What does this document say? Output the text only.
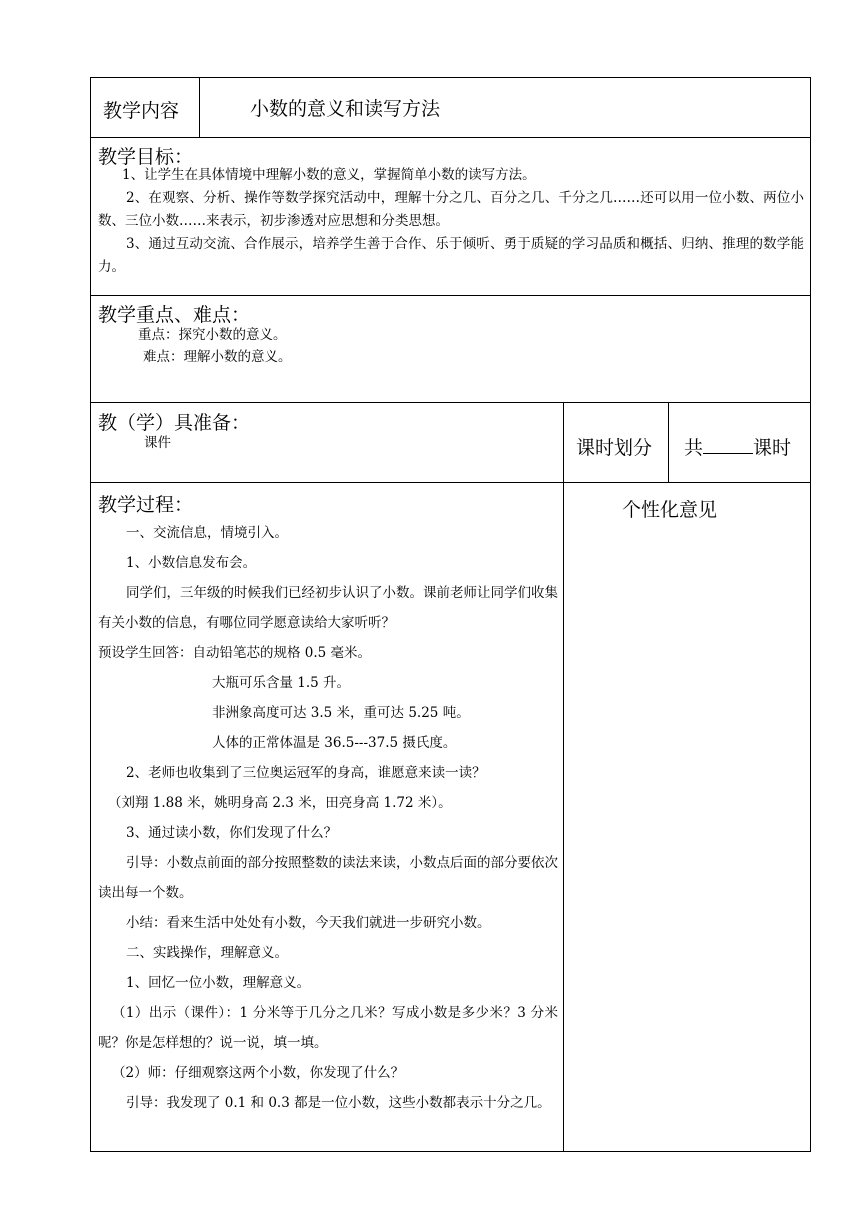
教学内容	小数的意义和读写方法
教学目标：
1、让学生在具体情境中理解小数的意义，掌握简单小数的读写方法。
2、在观察、分析、操作等数学探究活动中，理解十分之几、百分之几、千分之几……还可以用一位小数、两位小数、三位小数……来表示，初步渗透对应思想和分类思想。
3、通过互动交流、合作展示，培养学生善于合作、乐于倾听、勇于质疑的学习品质和概括、归纳、推理的数学能力。
教学重点、难点：
重点：探究小数的意义。
难点：理解小数的意义。
教（学）具准备：
课件	课时划分 共	课时
教学过程：	个性化意见

一、交流信息，情境引入。

1、小数信息发布会。

同学们，三年级的时候我们已经初步认识了小数。课前老师让同学们收集有关小数的信息，有哪位同学愿意读给大家听听？

预设学生回答：自动铅笔芯的规格 0.5 毫米。

大瓶可乐含量 1.5 升。

非洲象高度可达 3.5 米，重可达 5.25 吨。

人体的正常体温是 36.5---37.5 摄氏度。

2、老师也收集到了三位奥运冠军的身高，谁愿意来读一读？

（刘翔 1.88 米，姚明身高 2.3 米，田亮身高 1.72 米）。

3、通过读小数，你们发现了什么？

引导：小数点前面的部分按照整数的读法来读，小数点后面的部分要依次读出每一个数。

小结：看来生活中处处有小数，今天我们就进一步研究小数。

二、实践操作，理解意义。

1、回忆一位小数，理解意义。

（1）出示（课件）：1 分米等于几分之几米？写成小数是多少米？3 分米呢？你是怎样想的？说一说，填一填。

（2）师：仔细观察这两个小数，你发现了什么？

引导：我发现了 0.1 和 0.3 都是一位小数，这些小数都表示十分之几。
